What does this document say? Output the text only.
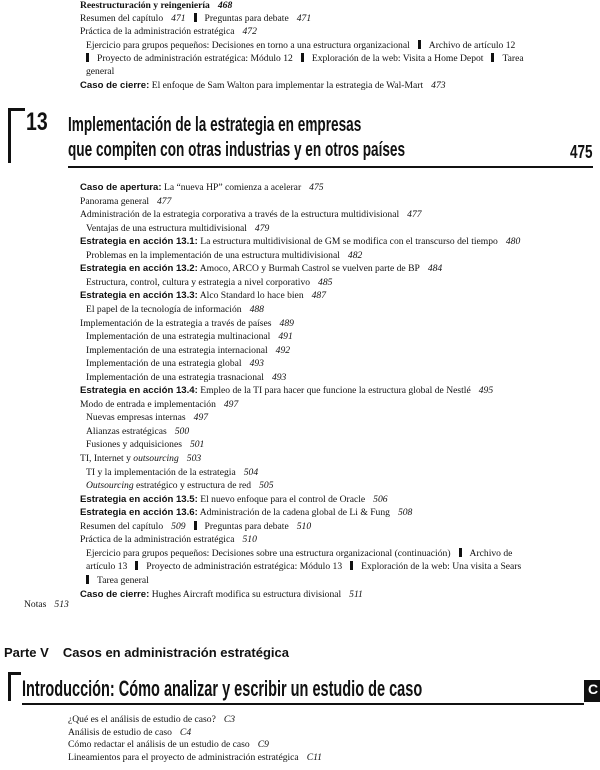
Reestructuración y reingeniería 468
Resumen del capítulo 471 Preguntas para debate 471
Práctica de la administración estratégica 472
Ejercicio para grupos pequeños: Decisiones en torno a una estructura organizacional Archivo de artículo 12
Proyecto de administración estratégica: Módulo 12 Exploración de la web: Visita a Home Depot Tarea
general
Caso de cierre: El enfoque de Sam Walton para implementar la estrategia de Wal-Mart 473
13 Implementación de la estrategia en empresas
que compiten con otras industrias y en otros países	475
Caso de apertura: La “nueva HP” comienza a acelerar 475
Panorama general 477
Administración de la estrategia corporativa a través de la estructura multidivisional 477
Ventajas de una estructura multidivisional 479
Estrategia en acción 13.1: La estructura multidivisional de GM se modifica con el transcurso del tiempo 480
Problemas en la implementación de una estructura multidivisional 482
Estrategia en acción 13.2: Amoco, ARCO y Burmah Castrol se vuelven parte de BP 484
Estructura, control, cultura y estrategia a nivel corporativo 485
Estrategia en acción 13.3: Alco Standard lo hace bien 487
El papel de la tecnología de información 488
Implementación de la estrategia a través de países 489
Implementación de una estrategia multinacional 491
Implementación de una estrategia internacional 492
Implementación de una estrategia global 493
Implementación de una estrategia trasnacional 493
Estrategia en acción 13.4: Empleo de la TI para hacer que funcione la estructura global de Nestlé 495
Modo de entrada e implementación 497
Nuevas empresas internas 497
Alianzas estratégicas 500
Fusiones y adquisiciones 501
TI, Internet y outsourcing 503
TI y la implementación de la estrategia 504
Outsourcing estratégico y estructura de red 505
Estrategia en acción 13.5: El nuevo enfoque para el control de Oracle 506
Estrategia en acción 13.6: Administración de la cadena global de Li & Fung 508
Resumen del capítulo 509 Preguntas para debate 510
Práctica de la administración estratégica 510
Ejercicio para grupos pequeños: Decisiones sobre una estructura organizacional (continuación) Archivo de
artículo 13 Proyecto de administración estratégica: Módulo 13 Exploración de la web: Una visita a Sears
Tarea general
Caso de cierre: Hughes Aircraft modifica su estructura divisional 511
Notas 513
Parte V Casos en administración estratégica
Introducción: Cómo analizar y escribir un estudio de caso	C
¿Qué es el análisis de estudio de caso? C3
Análisis de estudio de caso C4
Cómo redactar el análisis de un estudio de caso C9
Lineamientos para el proyecto de administración estratégica C11
